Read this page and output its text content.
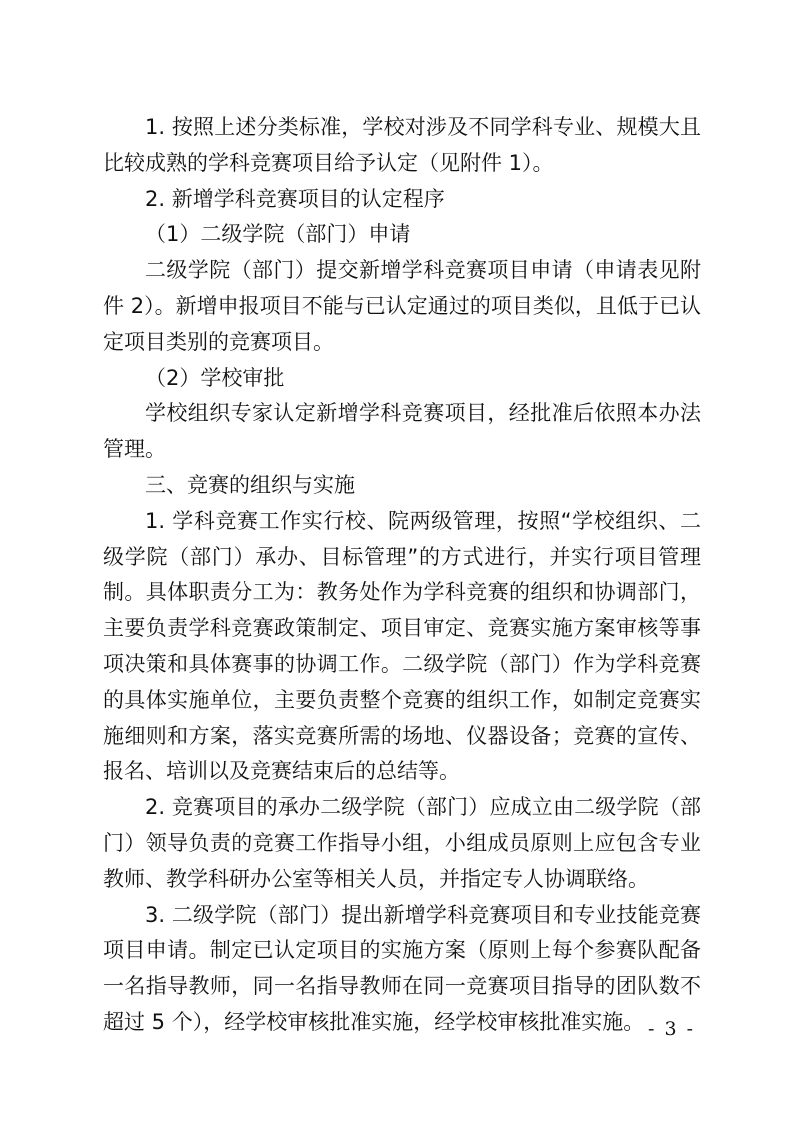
1. 按照上述分类标准，学校对涉及不同学科专业、规模大且比较成熟的学科竞赛项目给予认定（见附件 1）。

2. 新增学科竞赛项目的认定程序

（1）二级学院（部门）申请

二级学院（部门）提交新增学科竞赛项目申请（申请表见附件 2）。新增申报项目不能与已认定通过的项目类似，且低于已认定项目类别的竞赛项目。

（2）学校审批

学校组织专家认定新增学科竞赛项目，经批准后依照本办法管理。

三、竞赛的组织与实施

1. 学科竞赛工作实行校、院两级管理，按照“学校组织、二级学院（部门）承办、目标管理”的方式进行，并实行项目管理制。具体职责分工为：教务处作为学科竞赛的组织和协调部门，主要负责学科竞赛政策制定、项目审定、竞赛实施方案审核等事项决策和具体赛事的协调工作。二级学院（部门）作为学科竞赛的具体实施单位，主要负责整个竞赛的组织工作，如制定竞赛实施细则和方案，落实竞赛所需的场地、仪器设备；竞赛的宣传、报名、培训以及竞赛结束后的总结等。

2. 竞赛项目的承办二级学院（部门）应成立由二级学院（部门）领导负责的竞赛工作指导小组，小组成员原则上应包含专业教师、教学科研办公室等相关人员，并指定专人协调联络。

3. 二级学院（部门）提出新增学科竞赛项目和专业技能竞赛项目申请。制定已认定项目的实施方案（原则上每个参赛队配备一名指导教师，同一名指导教师在同一竞赛项目指导的团队数不超过 5 个），经学校审核批准实施，经学校审核批准实施。 - 3 -
